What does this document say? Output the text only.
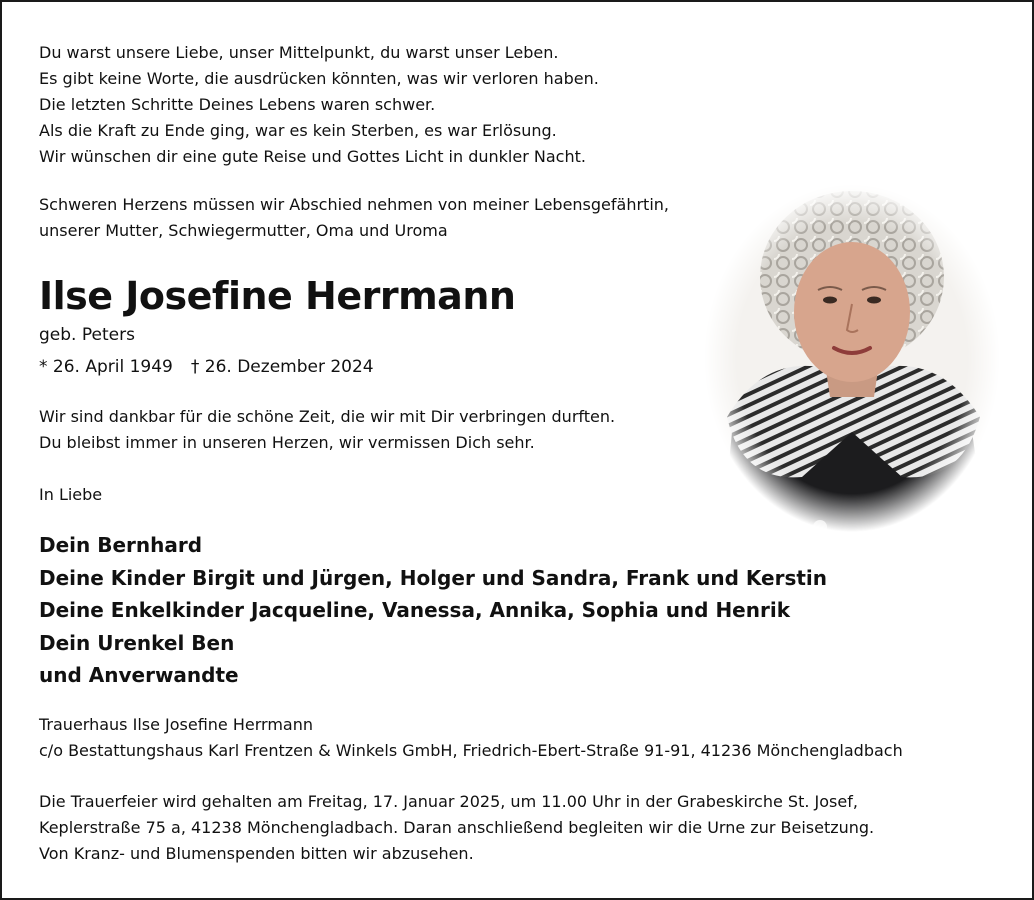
Du warst unsere Liebe, unser Mittelpunkt, du warst unser Leben.
Es gibt keine Worte, die ausdrücken könnten, was wir verloren haben.
Die letzten Schritte Deines Lebens waren schwer.
Als die Kraft zu Ende ging, war es kein Sterben, es war Erlösung.
Wir wünschen dir eine gute Reise und Gottes Licht in dunkler Nacht.
Schweren Herzens müssen wir Abschied nehmen von meiner Lebensgefährtin,
unserer Mutter, Schwiegermutter, Oma und Uroma
Ilse Josefine Herrmann
geb. Peters
* 26. April 1949 † 26. Dezember 2024
Wir sind dankbar für die schöne Zeit, die wir mit Dir verbringen durften.
Du bleibst immer in unseren Herzen, wir vermissen Dich sehr.
In Liebe
Dein Bernhard
Deine Kinder Birgit und Jürgen, Holger und Sandra, Frank und Kerstin
Deine Enkelkinder Jacqueline, Vanessa, Annika, Sophia und Henrik
Dein Urenkel Ben
und Anverwandte
Trauerhaus Ilse Josefine Herrmann
c/o Bestattungshaus Karl Frentzen & Winkels GmbH, Friedrich-Ebert-Straße 91-91, 41236 Mönchengladbach
Die Trauerfeier wird gehalten am Freitag, 17. Januar 2025, um 11.00 Uhr in der Grabeskirche St. Josef,
Keplerstraße 75 a, 41238 Mönchengladbach. Daran anschließend begleiten wir die Urne zur Beisetzung.
Von Kranz- und Blumenspenden bitten wir abzusehen.
